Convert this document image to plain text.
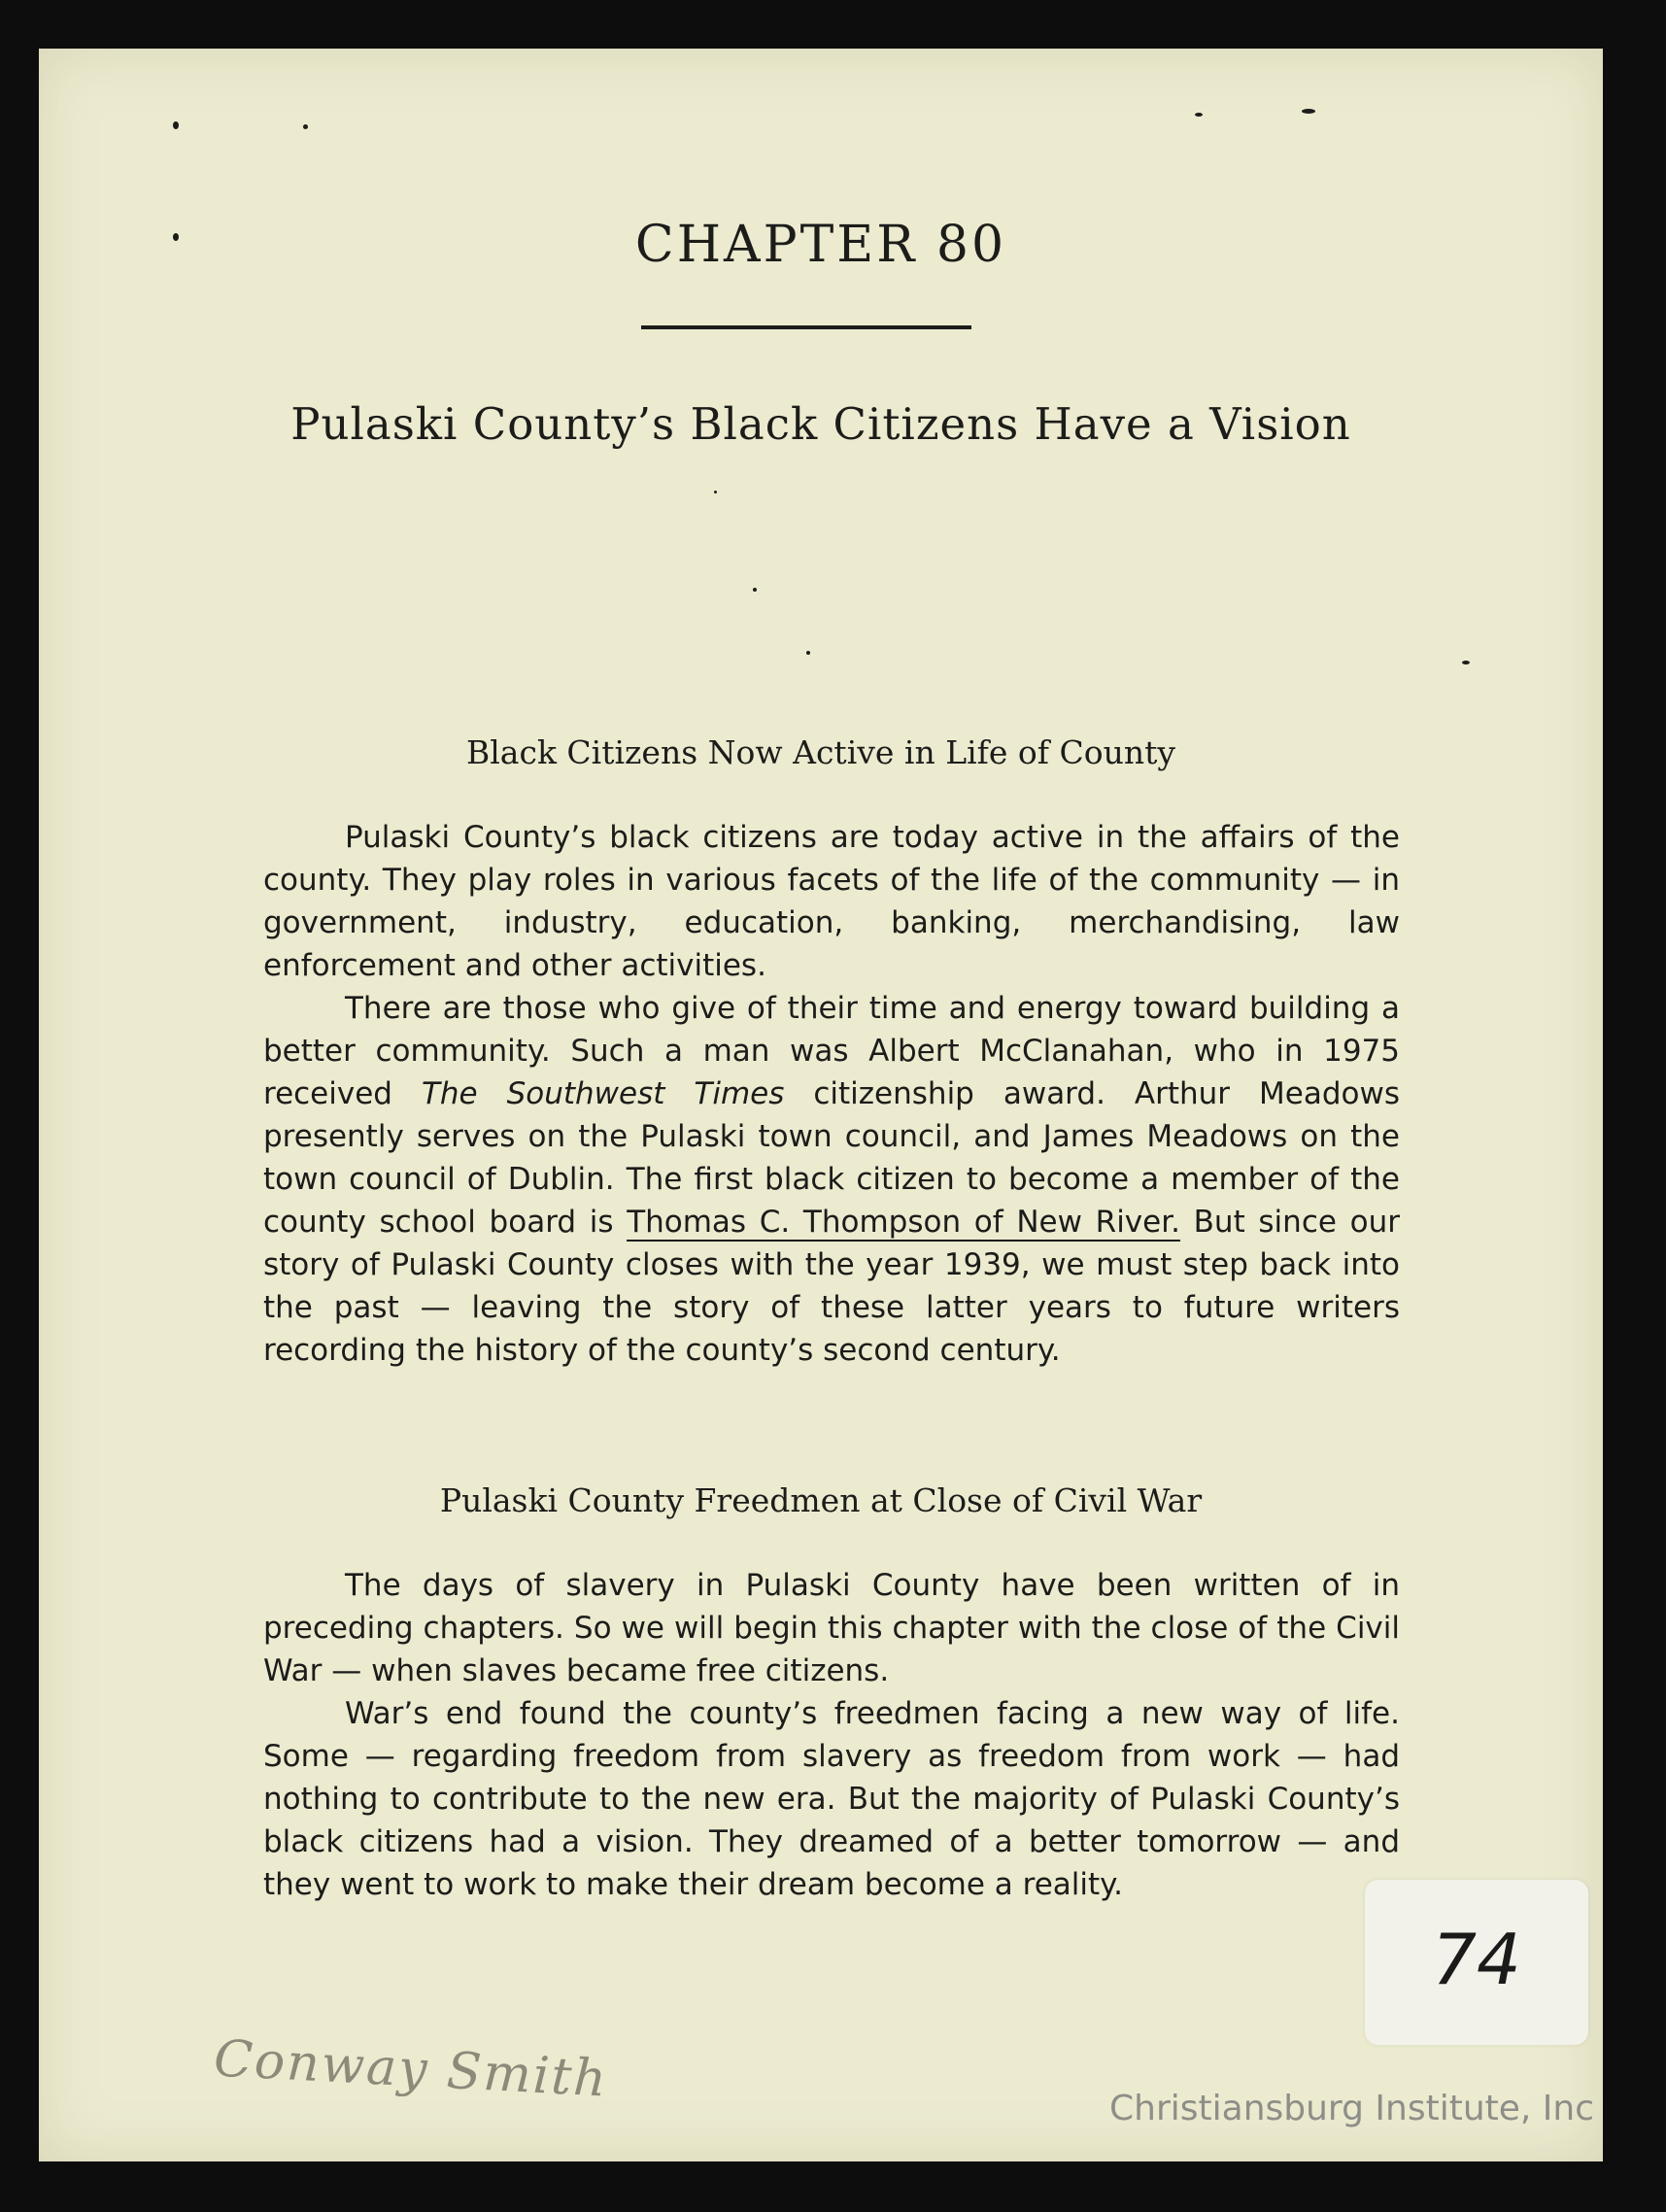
CHAPTER 80
Pulaski County’s Black Citizens Have a Vision
Black Citizens Now Active in Life of County

Pulaski County’s black citizens are today active in the affairs of the county. They play roles in various facets of the life of the community — in government, industry, education, banking, merchandising, law enforcement and other activities.

There are those who give of their time and energy toward building a better community. Such a man was Albert McClanahan, who in 1975 received The Southwest Times citizenship award. Arthur Meadows presently serves on the Pulaski town council, and James Meadows on the town council of Dublin. The first black citizen to become a member of the county school board is Thomas C. Thompson of New River. But since our story of Pulaski County closes with the year 1939, we must step back into the past — leaving the story of these latter years to future writers recording the history of the county’s second century.

Pulaski County Freedmen at Close of Civil War

The days of slavery in Pulaski County have been written of in preceding chapters. So we will begin this chapter with the close of the Civil War — when slaves became free citizens.

War’s end found the county’s freedmen facing a new way of life. Some — regarding freedom from slavery as freedom from work — had nothing to contribute to the new era. But the majority of Pulaski County’s black citizens had a vision. They dreamed of a better tomorrow — and they went to work to make their dream become a reality.

74
Conway Smith	Christiansburg Institute, Inc
